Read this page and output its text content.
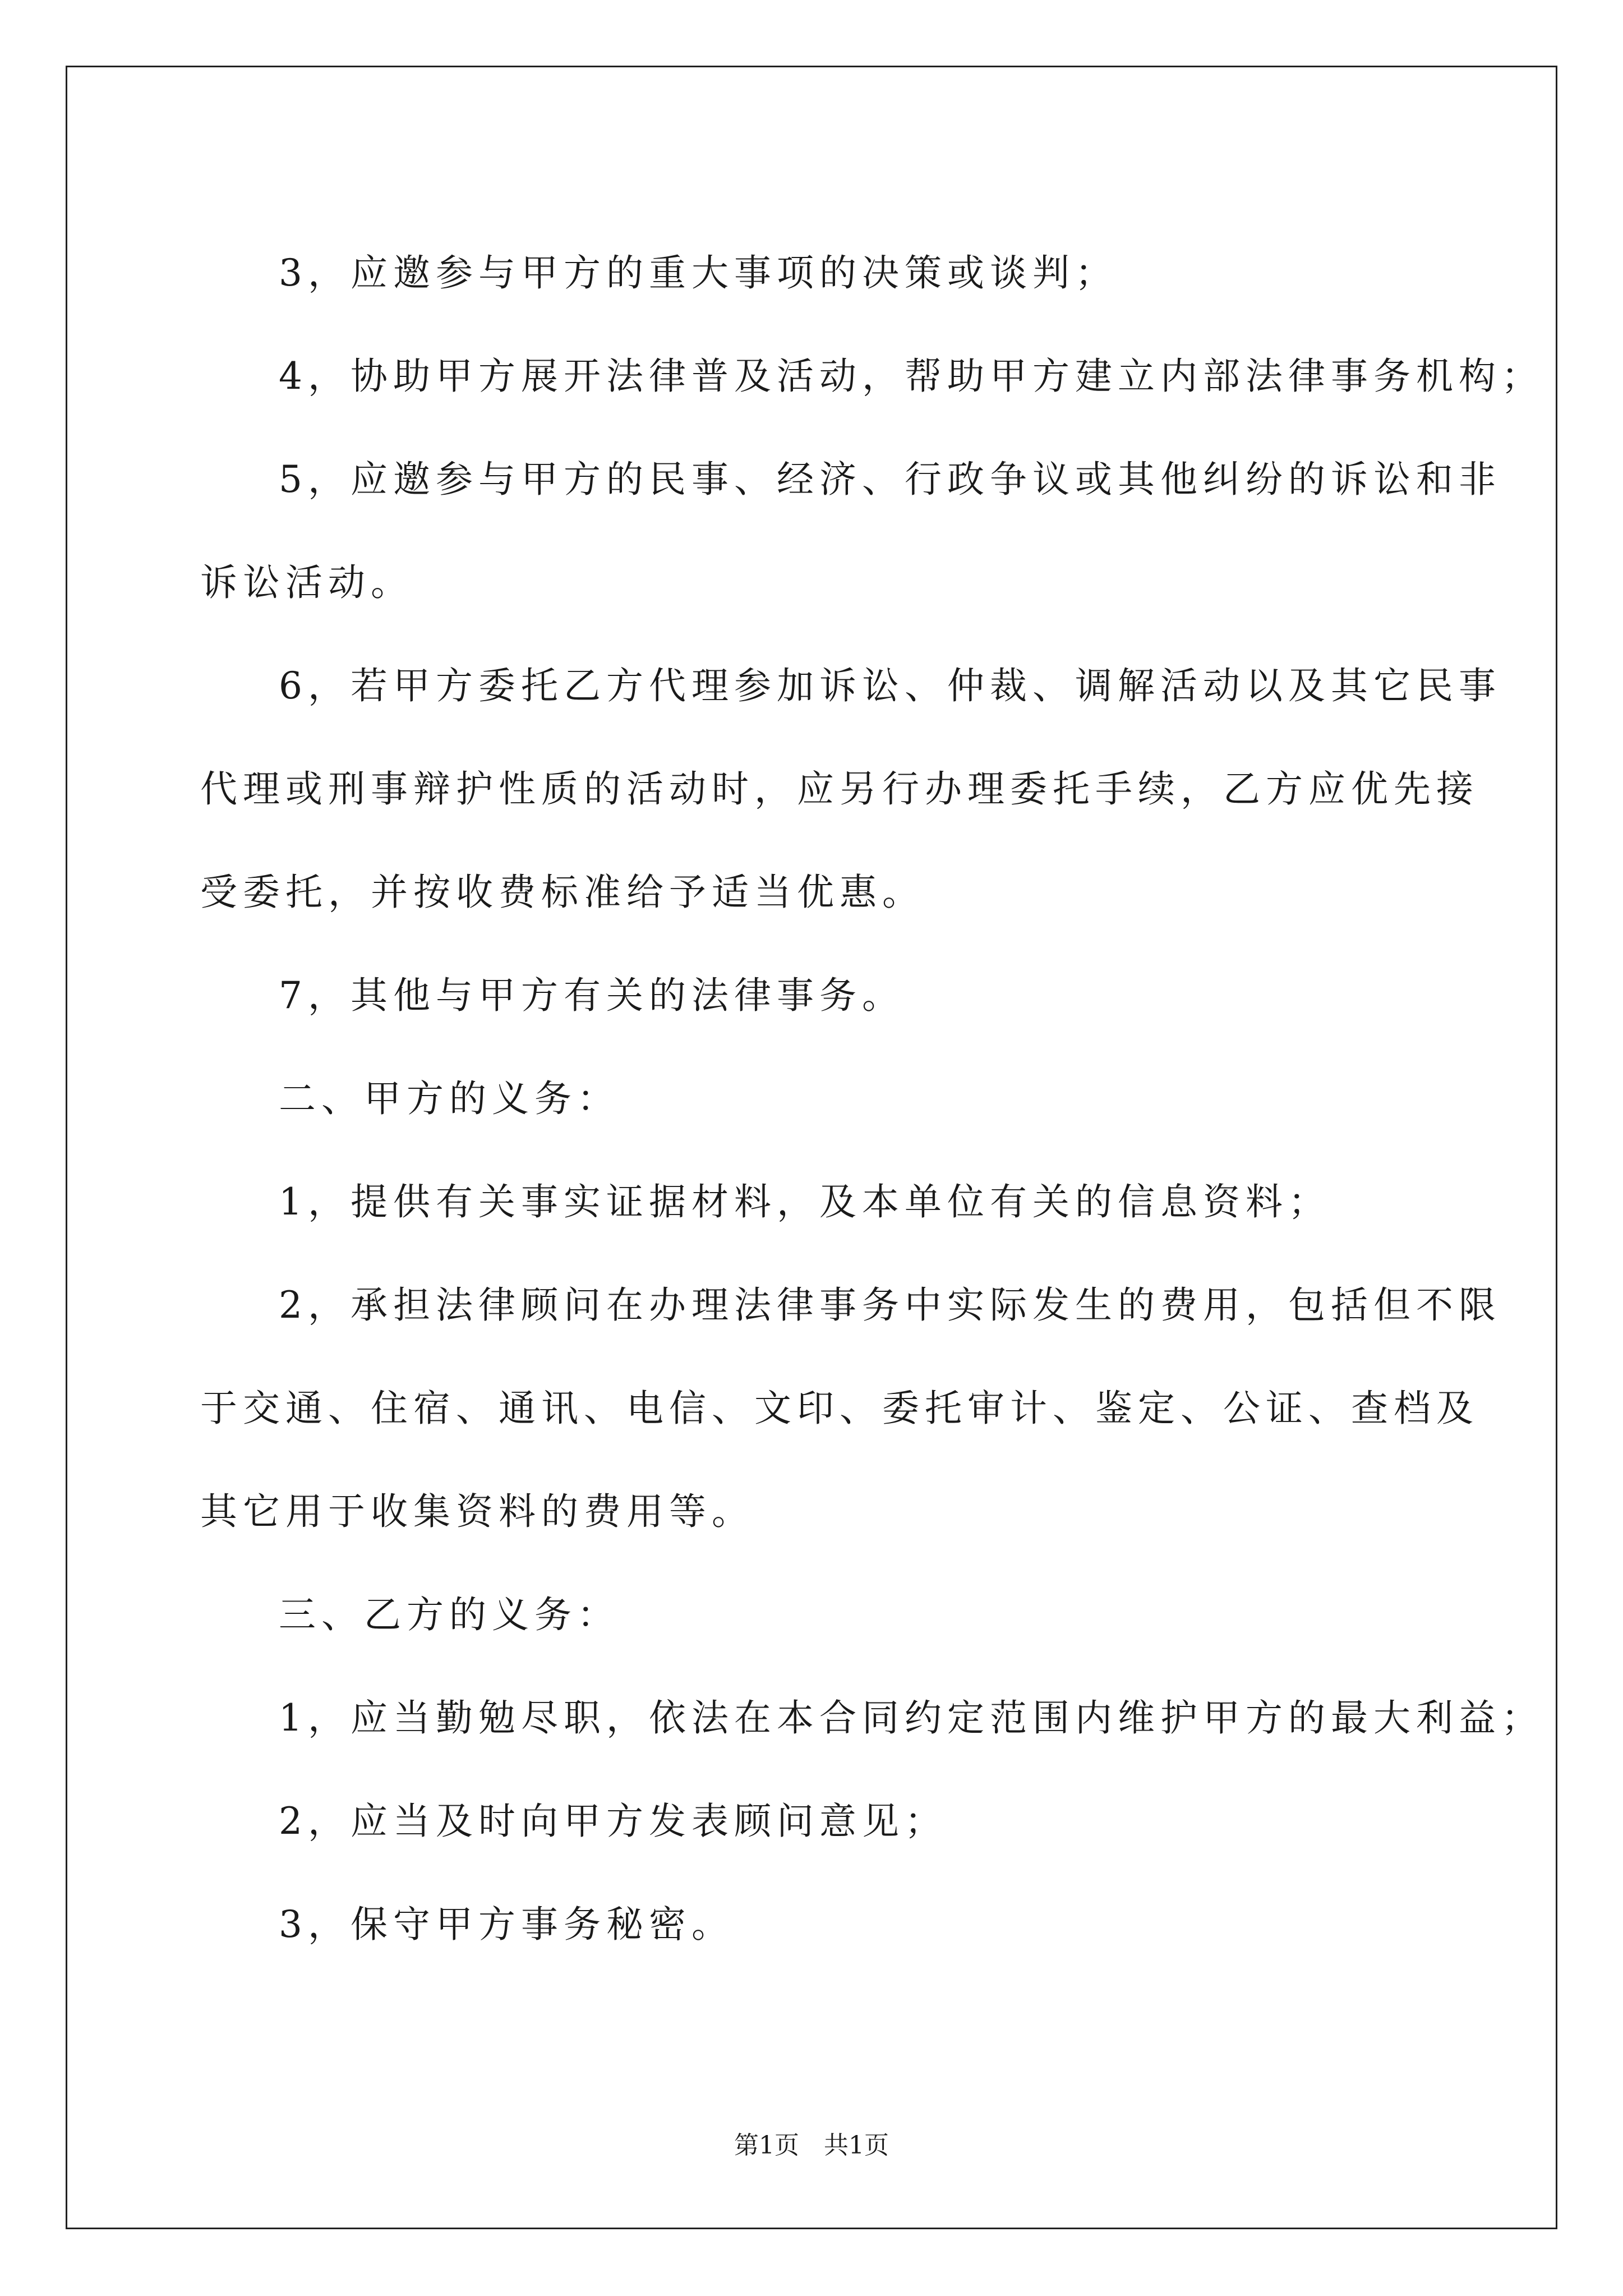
3，应邀参与甲方的重大事项的决策或谈判；

4，协助甲方展开法律普及活动，帮助甲方建立内部法律事务机构；

5，应邀参与甲方的民事、经济、行政争议或其他纠纷的诉讼和非

诉讼活动。

6，若甲方委托乙方代理参加诉讼、仲裁、调解活动以及其它民事

代理或刑事辩护性质的活动时，应另行办理委托手续，乙方应优先接

受委托，并按收费标准给予适当优惠。

7，其他与甲方有关的法律事务。

二、甲方的义务：

1，提供有关事实证据材料，及本单位有关的信息资料；

2，承担法律顾问在办理法律事务中实际发生的费用，包括但不限

于交通、住宿、通讯、电信、文印、委托审计、鉴定、公证、查档及

其它用于收集资料的费用等。

三、乙方的义务：

1，应当勤勉尽职，依法在本合同约定范围内维护甲方的最大利益；

2，应当及时向甲方发表顾问意见；

3，保守甲方事务秘密。

第1页 共1页
